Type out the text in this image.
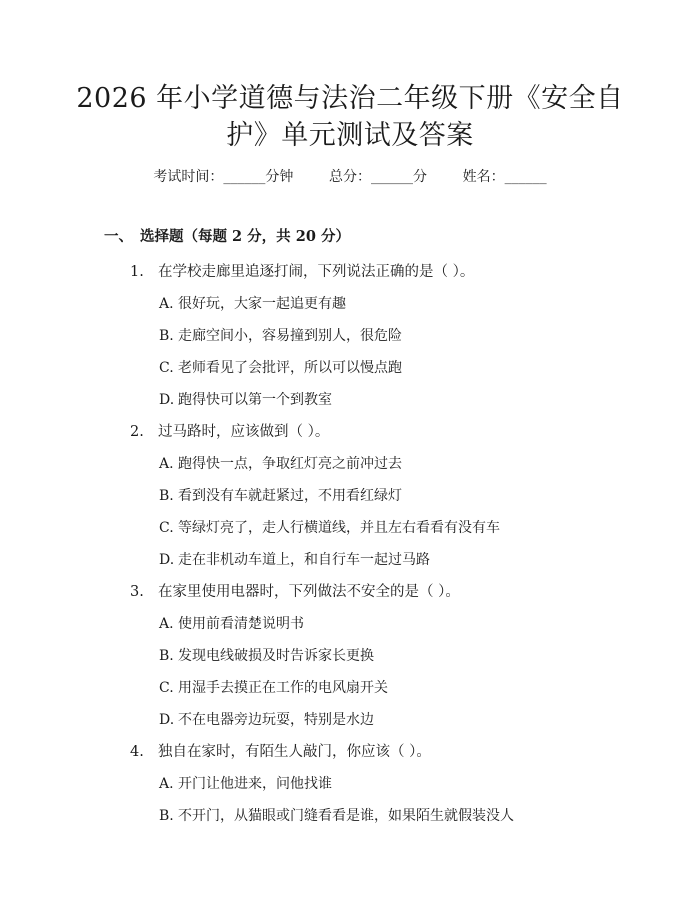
2026 年小学道德与法治二年级下册《安全自
护》单元测试及答案
考试时间：______分钟	总分：______分	姓名：______
一、 选择题（每题 2 分，共 20 分）
1. 在学校走廊里追逐打闹，下列说法正确的是（ ）。
A. 很好玩，大家一起追更有趣
B. 走廊空间小，容易撞到别人，很危险
C. 老师看见了会批评，所以可以慢点跑
D. 跑得快可以第一个到教室
2. 过马路时，应该做到（ ）。
A. 跑得快一点，争取红灯亮之前冲过去
B. 看到没有车就赶紧过，不用看红绿灯
C. 等绿灯亮了，走人行横道线，并且左右看看有没有车
D. 走在非机动车道上，和自行车一起过马路
3. 在家里使用电器时，下列做法不安全的是（ ）。
A. 使用前看清楚说明书
B. 发现电线破损及时告诉家长更换
C. 用湿手去摸正在工作的电风扇开关
D. 不在电器旁边玩耍，特别是水边
4. 独自在家时，有陌生人敲门，你应该（ ）。
A. 开门让他进来，问他找谁
B. 不开门，从猫眼或门缝看看是谁，如果陌生就假装没人
